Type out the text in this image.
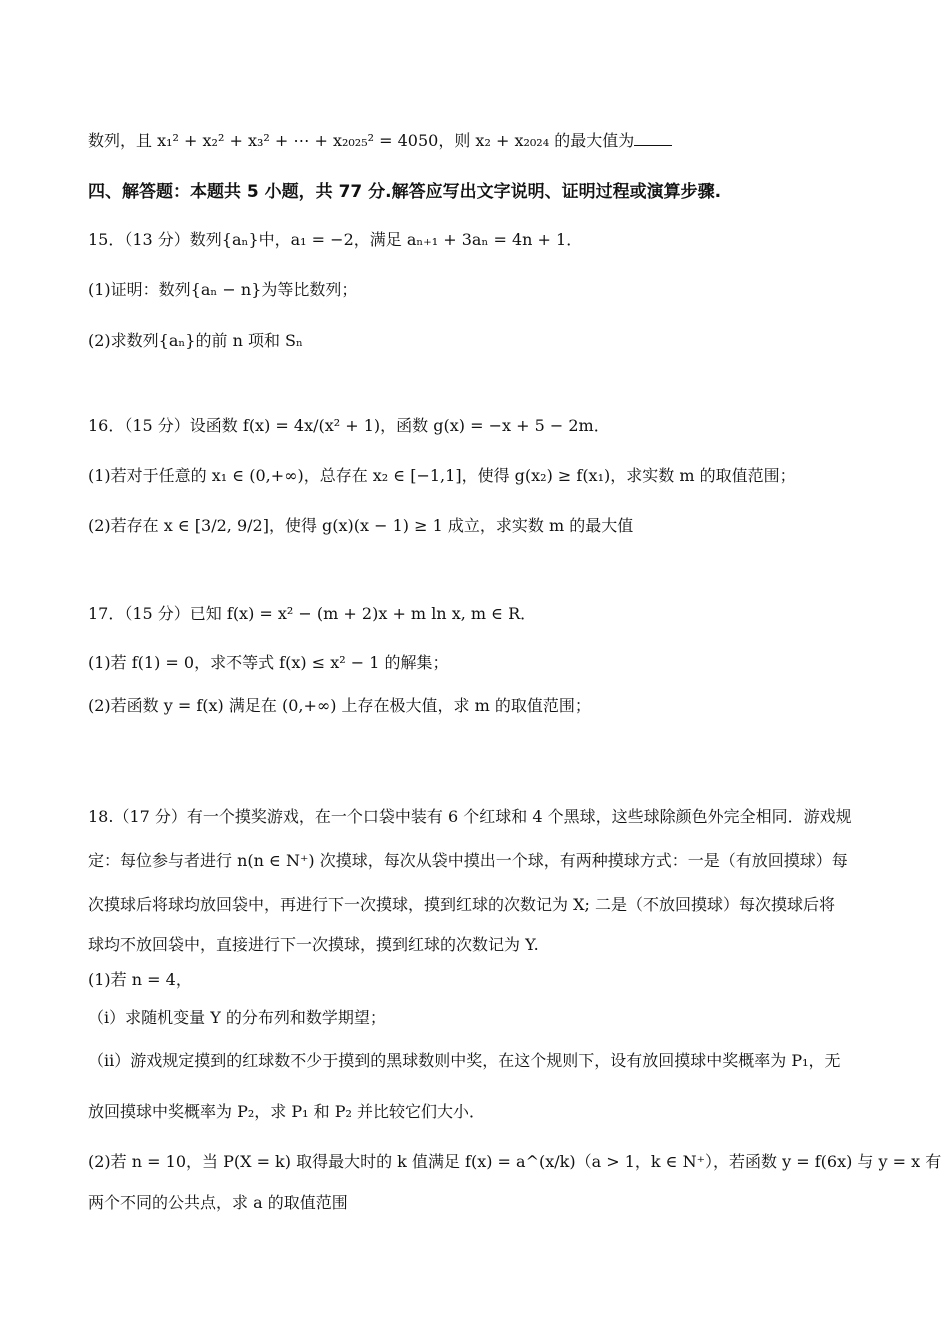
数列，且 x₁² + x₂² + x₃² + ⋯ + x₂₀₂₅² = 4050，则 x₂ + x₂₀₂₄ 的最大值为
四、解答题：本题共 5 小题，共 77 分.解答应写出文字说明、证明过程或演算步骤.
15．（13 分）数列{aₙ}中，a₁ = −2，满足 aₙ₊₁ + 3aₙ = 4n + 1．
(1)证明：数列{aₙ − n}为等比数列；
(2)求数列{aₙ}的前 n 项和 Sₙ
16．（15 分）设函数 f(x) = 4x/(x² + 1)，函数 g(x) = −x + 5 − 2m．
(1)若对于任意的 x₁ ∈ (0,+∞)，总存在 x₂ ∈ [−1,1]，使得 g(x₂) ≥ f(x₁)，求实数 m 的取值范围；
(2)若存在 x ∈ [3/2, 9/2]，使得 g(x)(x − 1) ≥ 1 成立，求实数 m 的最大值
17．（15 分）已知 f(x) = x² − (m + 2)x + m ln x, m ∈ R．
(1)若 f(1) = 0，求不等式 f(x) ≤ x² − 1 的解集；
(2)若函数 y = f(x) 满足在 (0,+∞) 上存在极大值，求 m 的取值范围；
18.（17 分）有一个摸奖游戏，在一个口袋中装有 6 个红球和 4 个黑球，这些球除颜色外完全相同．游戏规
定：每位参与者进行 n(n ∈ N⁺) 次摸球，每次从袋中摸出一个球，有两种摸球方式：一是（有放回摸球）每
次摸球后将球均放回袋中，再进行下一次摸球，摸到红球的次数记为 X; 二是（不放回摸球）每次摸球后将
球均不放回袋中，直接进行下一次摸球，摸到红球的次数记为 Y.
(1)若 n = 4，
（i）求随机变量 Y 的分布列和数学期望；
（ii）游戏规定摸到的红球数不少于摸到的黑球数则中奖，在这个规则下，设有放回摸球中奖概率为 P₁，无
放回摸球中奖概率为 P₂，求 P₁ 和 P₂ 并比较它们大小．
(2)若 n = 10，当 P(X = k) 取得最大时的 k 值满足 f(x) = a^(x/k)（a > 1，k ∈ N⁺），若函数 y = f(6x) 与 y = x 有
两个不同的公共点，求 a 的取值范围
